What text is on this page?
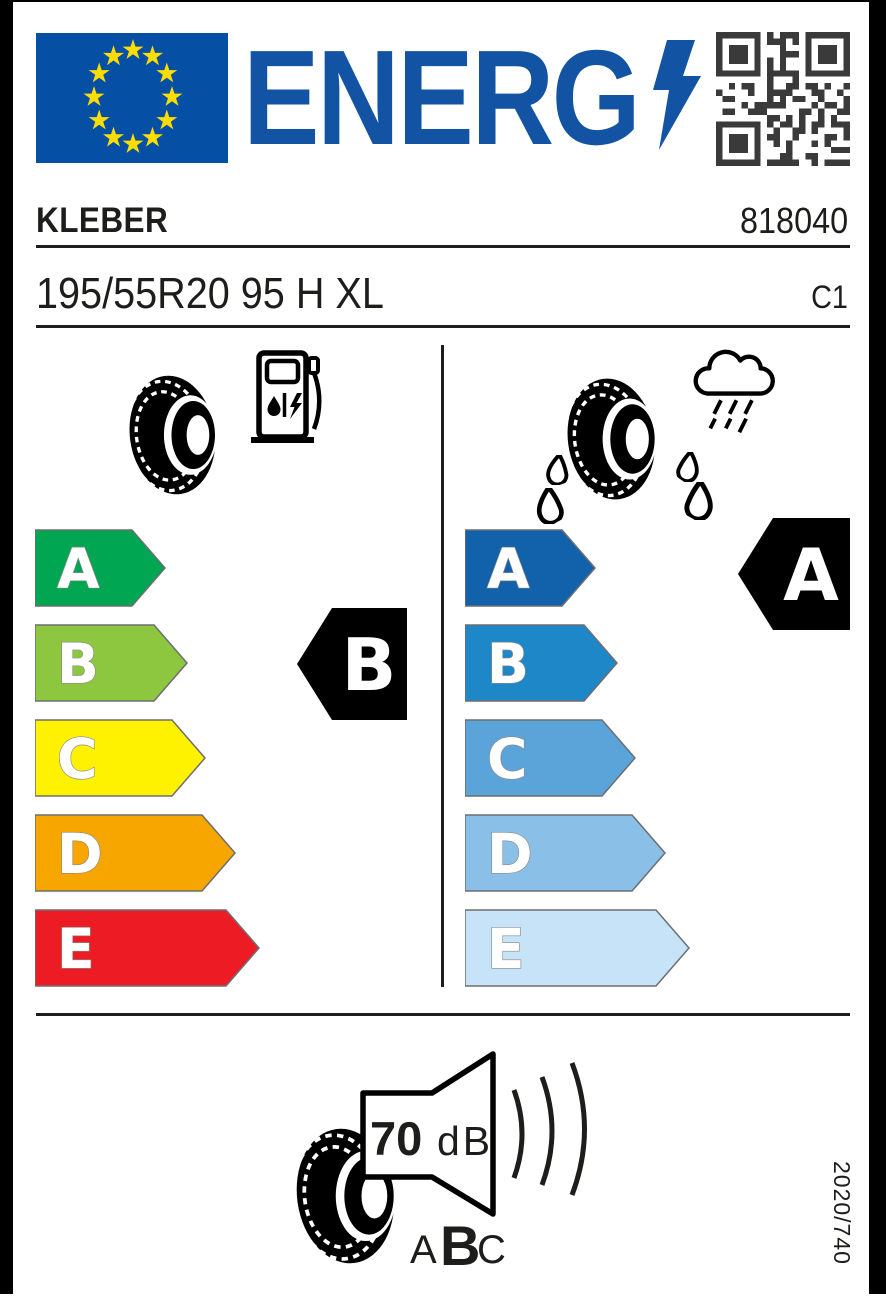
ENERG
KLEBER	818040
195/55R20 95 H XL	C1
A
B
C
D
E
B
A
B
C
D
E
A
70 dB
A B
C	2020/740
